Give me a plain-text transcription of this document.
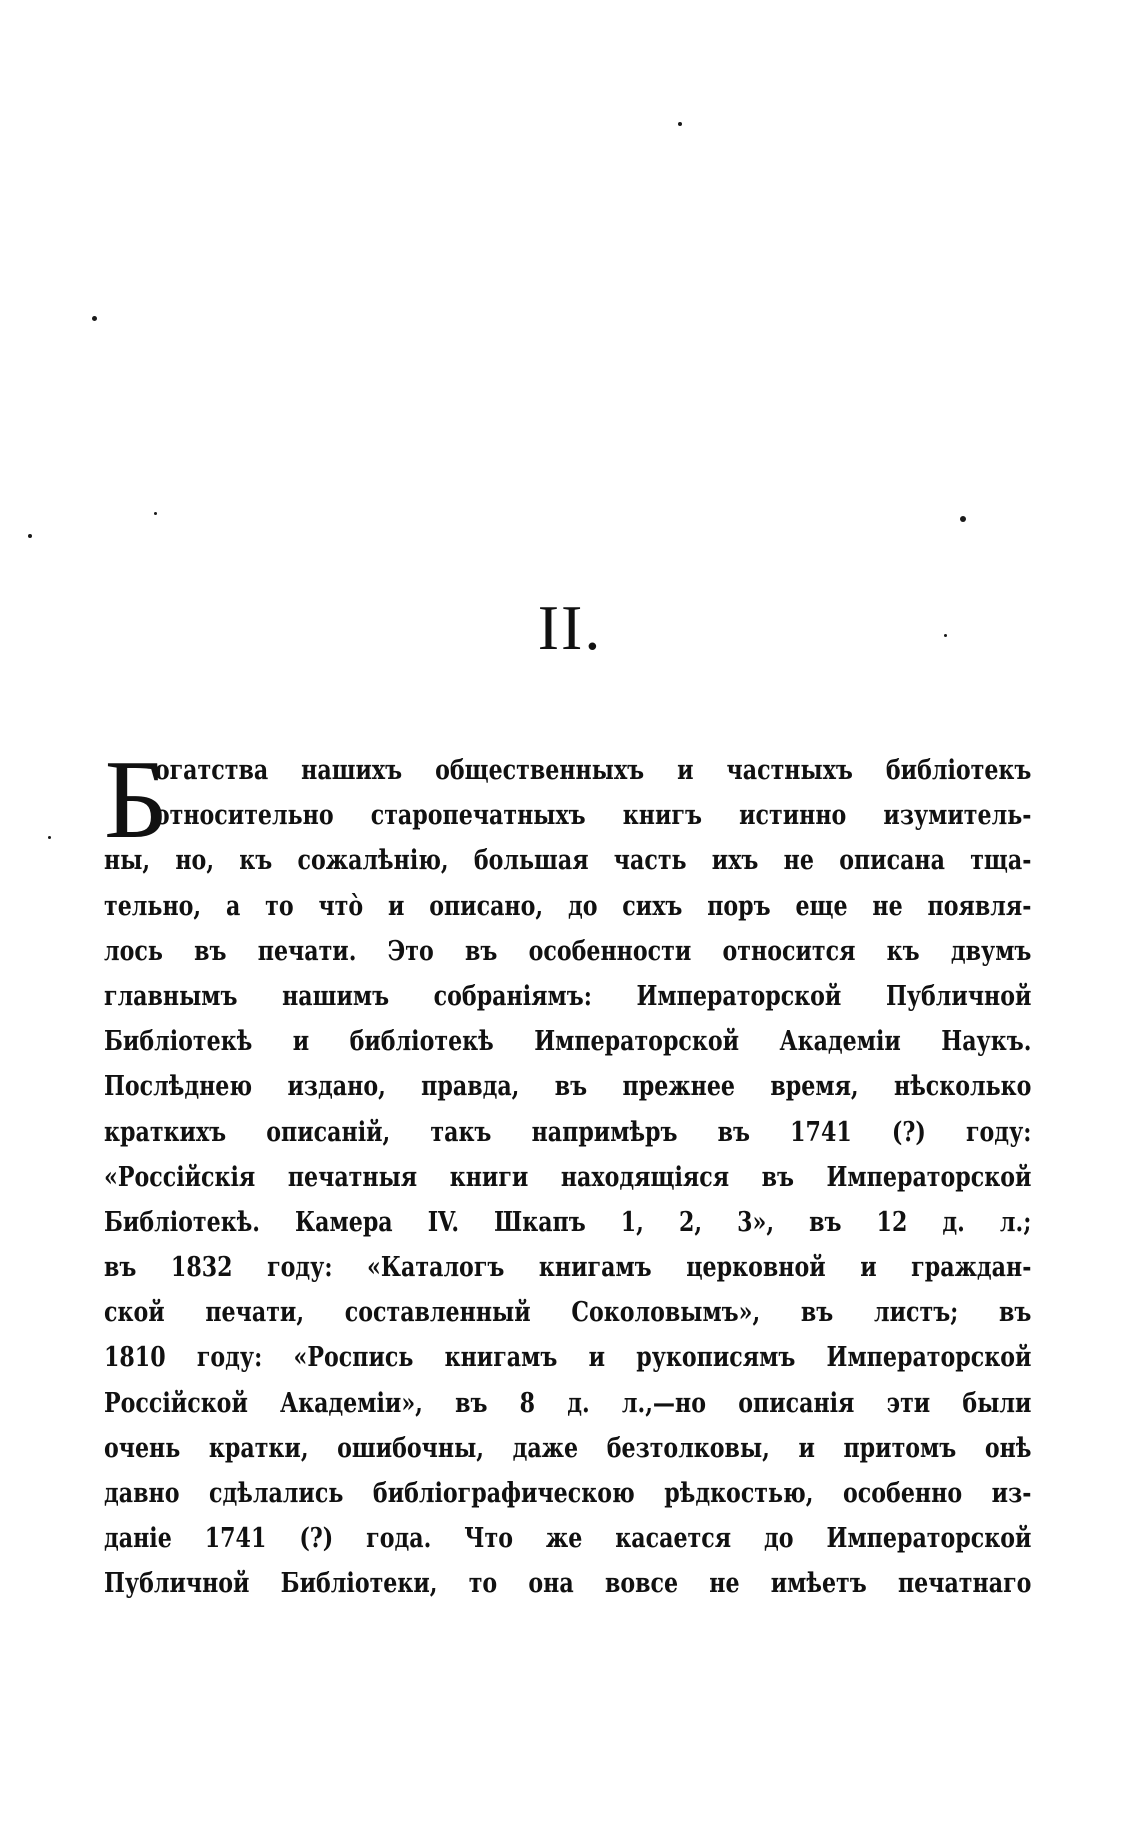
II.
Б
огатства нашихъ общественныхъ и частныхъ библіотекъ
относительно старопечатныхъ книгъ истинно изумитель-
ны, но, къ сожалѣнію, большая часть ихъ не описана тща-
тельно, а то что̀ и описано, до сихъ поръ еще не появля-
лось въ печати. Это въ особенности относится къ двумъ
главнымъ нашимъ собраніямъ: Императорской Публичной
Библіотекѣ и библіотекѣ Императорской Академіи Наукъ.
Послѣднею издано, правда, въ прежнее время, нѣсколько
краткихъ описаній, такъ напримѣръ въ 1741 (?) году:
«Россійскія печатныя книги находящіяся въ Императорской
Библіотекѣ. Камера IV. Шкапъ 1, 2, 3», въ 12 д. л.;
въ 1832 году: «Каталогъ книгамъ церковной и граждан-
ской печати, составленный Соколовымъ», въ листъ; въ
1810 году: «Роспись книгамъ и рукописямъ Императорской
Россійской Академіи», въ 8 д. л.,—но описанія эти были
очень кратки, ошибочны, даже безтолковы, и притомъ онѣ
давно сдѣлались библіографическою рѣдкостью, особенно из-
даніе 1741 (?) года. Что же касается до Императорской
Публичной Библіотеки, то она вовсе не имѣетъ печатнаго
